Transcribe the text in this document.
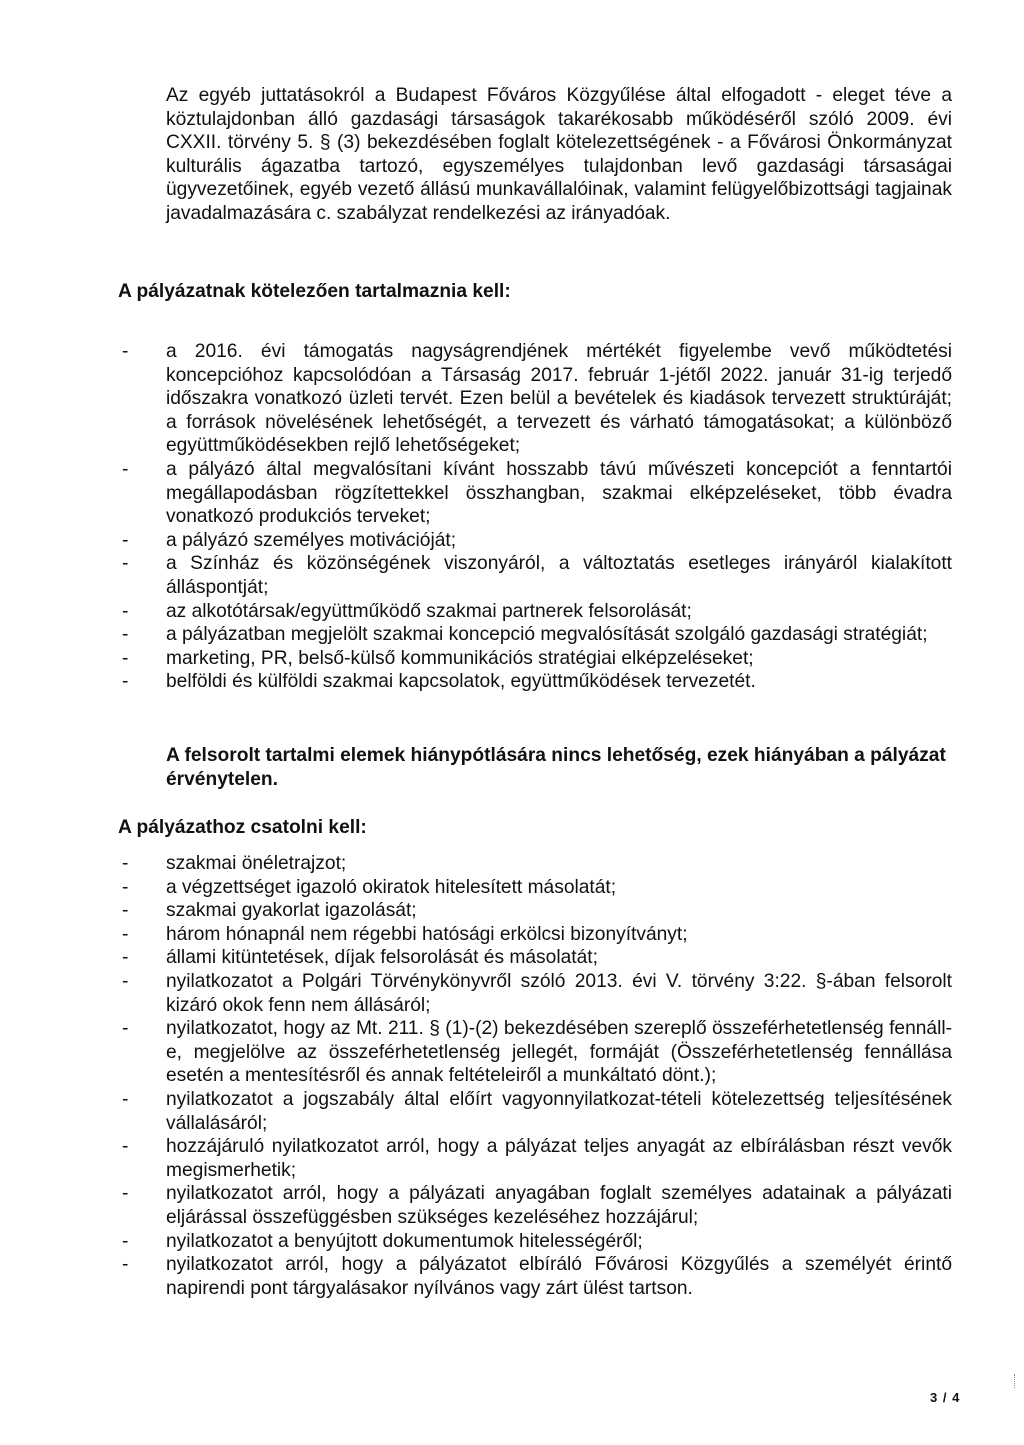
Az egyéb juttatásokról a Budapest Főváros Közgyűlése által elfogadott - eleget téve a köztulajdonban álló gazdasági társaságok takarékosabb működéséről szóló 2009. évi CXXII. törvény 5. § (3) bekezdésében foglalt kötelezettségének - a Fővárosi Önkormányzat kulturális ágazatba tartozó, egyszemélyes tulajdonban levő gazdasági társaságai ügyvezetőinek, egyéb vezető állású munkavállalóinak, valamint felügyelőbizottsági tagjainak javadalmazására c. szabályzat rendelkezési az irányadóak.

A pályázatnak kötelezően tartalmaznia kell:
- a 2016. évi támogatás nagyságrendjének mértékét figyelembe vevő működtetési koncepcióhoz kapcsolódóan a Társaság 2017. február 1-jétől 2022. január 31-ig terjedő időszakra vonatkozó üzleti tervét. Ezen belül a bevételek és kiadások tervezett struktúráját; a források növelésének lehetőségét, a tervezett és várható támogatásokat; a különböző együttműködésekben rejlő lehetőségeket;
- a pályázó által megvalósítani kívánt hosszabb távú művészeti koncepciót a fenntartói megállapodásban rögzítettekkel összhangban, szakmai elképzeléseket, több évadra vonatkozó produkciós terveket;
- a pályázó személyes motivációját;
- a Színház és közönségének viszonyáról, a változtatás esetleges irányáról kialakított álláspontját;
- az alkotótársak/együttműködő szakmai partnerek felsorolását;
- a pályázatban megjelölt szakmai koncepció megvalósítását szolgáló gazdasági stratégiát;
- marketing, PR, belső-külső kommunikációs stratégiai elképzeléseket;
- belföldi és külföldi szakmai kapcsolatok, együttműködések tervezetét.

A felsorolt tartalmi elemek hiánypótlására nincs lehetőség, ezek hiányában a pályázat érvénytelen.

A pályázathoz csatolni kell:
- szakmai önéletrajzot;
- a végzettséget igazoló okiratok hitelesített másolatát;
- szakmai gyakorlat igazolását;
- három hónapnál nem régebbi hatósági erkölcsi bizonyítványt;
- állami kitüntetések, díjak felsorolását és másolatát;
- nyilatkozatot a Polgári Törvénykönyvről szóló 2013. évi V. törvény 3:22. §-ában felsorolt kizáró okok fenn nem állásáról;
- nyilatkozatot, hogy az Mt. 211. § (1)-(2) bekezdésében szereplő összeférhetetlenség fennáll-e, megjelölve az összeférhetetlenség jellegét, formáját (Összeférhetetlenség fennállása esetén a mentesítésről és annak feltételeiről a munkáltató dönt.);
- nyilatkozatot a jogszabály által előírt vagyonnyilatkozat-tételi kötelezettség teljesítésének vállalásáról;
- hozzájáruló nyilatkozatot arról, hogy a pályázat teljes anyagát az elbírálásban részt vevők megismerhetik;
- nyilatkozatot arról, hogy a pályázati anyagában foglalt személyes adatainak a pályázati eljárással összefüggésben szükséges kezeléséhez hozzájárul;
- nyilatkozatot a benyújtott dokumentumok hitelességéről;
- nyilatkozatot arról, hogy a pályázatot elbíráló Fővárosi Közgyűlés a személyét érintő napirendi pont tárgyalásakor nyílvános vagy zárt ülést tartson.
3 / 4
